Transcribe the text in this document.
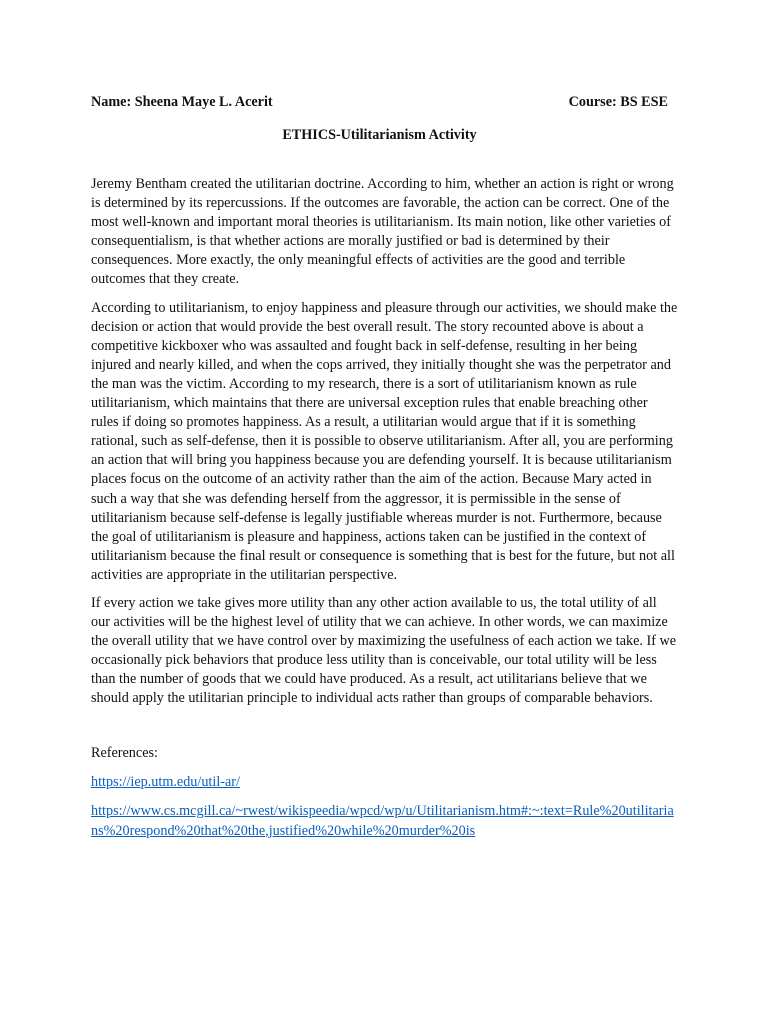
Name: Sheena Maye L. Acerit	Course: BS ESE
ETHICS-Utilitarianism Activity

Jeremy Bentham created the utilitarian doctrine. According to him, whether an action is right or wrong is determined by its repercussions. If the outcomes are favorable, the action can be correct. One of the most well-known and important moral theories is utilitarianism. Its main notion, like other varieties of consequentialism, is that whether actions are morally justified or bad is determined by their consequences. More exactly, the only meaningful effects of activities are the good and terrible outcomes that they create.

According to utilitarianism, to enjoy happiness and pleasure through our activities, we should make the decision or action that would provide the best overall result. The story recounted above is about a competitive kickboxer who was assaulted and fought back in self-defense, resulting in her being injured and nearly killed, and when the cops arrived, they initially thought she was the perpetrator and the man was the victim. According to my research, there is a sort of utilitarianism known as rule utilitarianism, which maintains that there are universal exception rules that enable breaching other rules if doing so promotes happiness. As a result, a utilitarian would argue that if it is something rational, such as self-defense, then it is possible to observe utilitarianism. After all, you are performing an action that will bring you happiness because you are defending yourself. It is because utilitarianism places focus on the outcome of an activity rather than the aim of the action. Because Mary acted in such a way that she was defending herself from the aggressor, it is permissible in the sense of utilitarianism because self-defense is legally justifiable whereas murder is not. Furthermore, because the goal of utilitarianism is pleasure and happiness, actions taken can be justified in the context of utilitarianism because the final result or consequence is something that is best for the future, but not all activities are appropriate in the utilitarian perspective.

If every action we take gives more utility than any other action available to us, the total utility of all our activities will be the highest level of utility that we can achieve. In other words, we can maximize the overall utility that we have control over by maximizing the usefulness of each action we take. If we occasionally pick behaviors that produce less utility than is conceivable, our total utility will be less than the number of goods that we could have produced. As a result, act utilitarians believe that we should apply the utilitarian principle to individual acts rather than groups of comparable behaviors.

References:
https://iep.utm.edu/util-ar/
https://www.cs.mcgill.ca/~rwest/wikispeedia/wpcd/wp/u/Utilitarianism.htm#:~:text=Rule%20utilitarians%20respond%20that%20the,justified%20while%20murder%20is
